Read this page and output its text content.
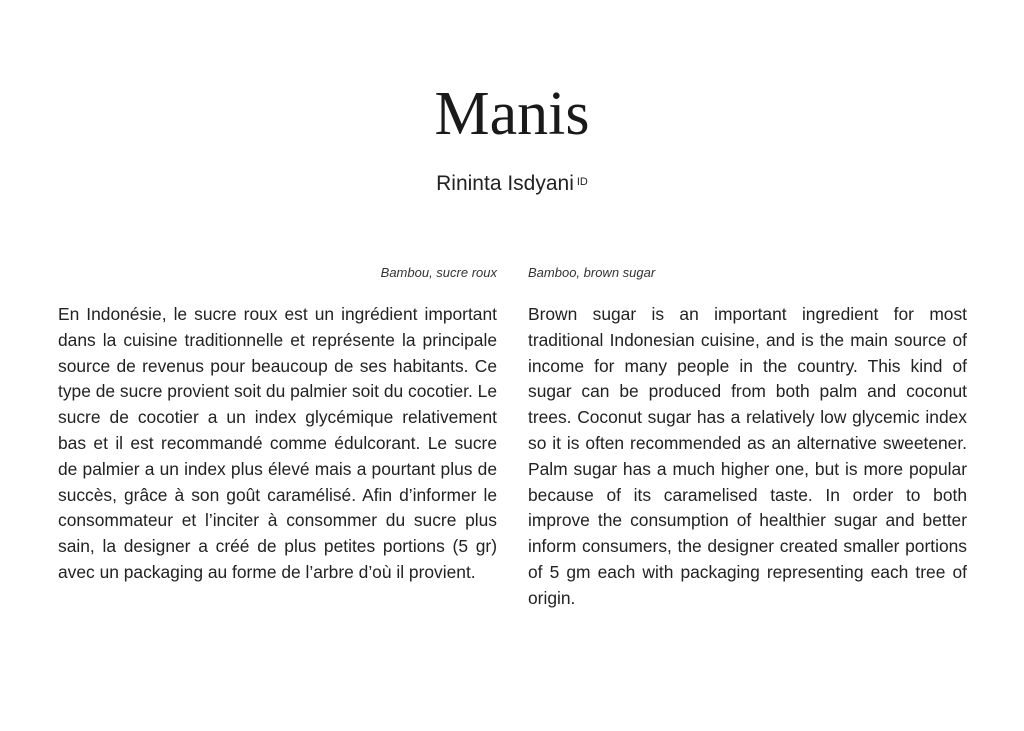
Manis
Rininta Isdyani $^{ID}$
Bambou, sucre roux Bamboo, brown sugar

En Indonésie, le sucre roux est un ingrédient important dans la cuisine traditionnelle et représente la principale source de revenus pour beaucoup de ses habitants. Ce type de sucre provient soit du palmier soit du cocotier. Le sucre de cocotier a un index glycémique relativement bas et il est recommandé comme édulcorant. Le sucre de palmier a un index plus élevé mais a pourtant plus de succès, grâce à son goût caramélisé. Afin d’informer le consommateur et l’inciter à consommer du sucre plus sain, la designer a créé de plus petites portions (5 gr) avec un packaging au forme de l’arbre d’où il provient.

Brown sugar is an important ingredient for most traditional Indonesian cuisine, and is the main source of income for many people in the country. This kind of sugar can be produced from both palm and coconut trees. Coconut sugar has a relatively low glycemic index so it is often recommended as an alternative sweetener. Palm sugar has a much higher one, but is more popular because of its caramelised taste. In order to both improve the consumption of healthier sugar and better inform consumers, the designer created smaller portions of 5 gm each with packaging representing each tree of origin.
